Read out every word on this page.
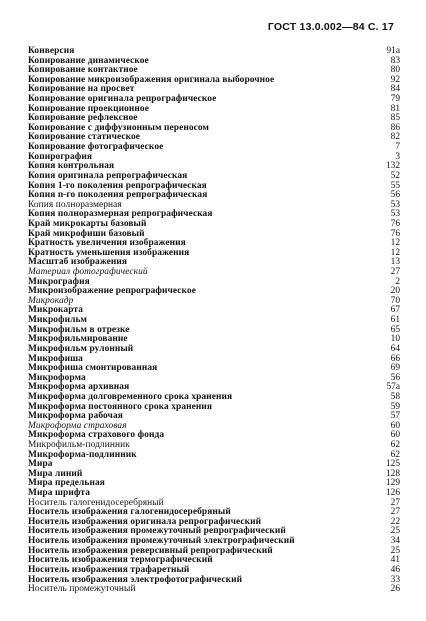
ГОСТ 13.0.002—84 С. 17
Конверсия	91а
Копирование динамическое	83
Копирование контактное	80
Копирование микроизображения оригинала выборочное	92
Копирование на просвет	84
Копирование оригинала репрографическое	79
Копирование проекционное	81
Копирование рефлексное	85
Копирование с диффузионным переносом	86
Копирование статическое	82
Копирование фотографическое	7
Копирография	3
Копия контрольная	132
Копия оригинала репрографическая	52
Копия 1-го поколения репрографическая	55
Копия n-го поколения репрографическая	56
Копия полноразмерная	53
Копия полноразмерная репрографическая	53
Край микрокарты базовый	76
Край микрофиши базовый	76
Кратность увеличения изображения	12
Кратность уменьшения изображения	12
Масштаб изображения	13
Материал фотографический	27
Микрография	2
Микроизображение репрографическое	20
Микрокадр	70
Микрокарта	67
Микрофильм	61
Микрофильм в отрезке	65
Микрофильмирование	10
Микрофильм рулонный	64
Микрофиша	66
Микрофиша смонтированная	69
Микроформа	56
Микроформа архивная	57а
Микроформа долговременного срока хранения	58
Микроформа постоянного срока хранения	59
Микроформа рабочая	57
Микроформа страховая	60
Микроформа страхового фонда	60
Микрофильм-подлинник	62
Микроформа-подлинник	62
Мира	125
Мира линий	128
Мира предельная	129
Мира шрифта	126
Носитель галогенидосеребряный	27
Носитель изображения галогенидосеребряный	27
Носитель изображения оригинала репрографический	22
Носитель изображения промежуточный репрографический	25
Носитель изображения промежуточный электрографический	34
Носитель изображения реверсивный репрографический	25
Носитель изображения термографический	41
Носитель изображения трафаретный	46
Носитель изображения электрофотографический	33
Носитель промежуточный	26
